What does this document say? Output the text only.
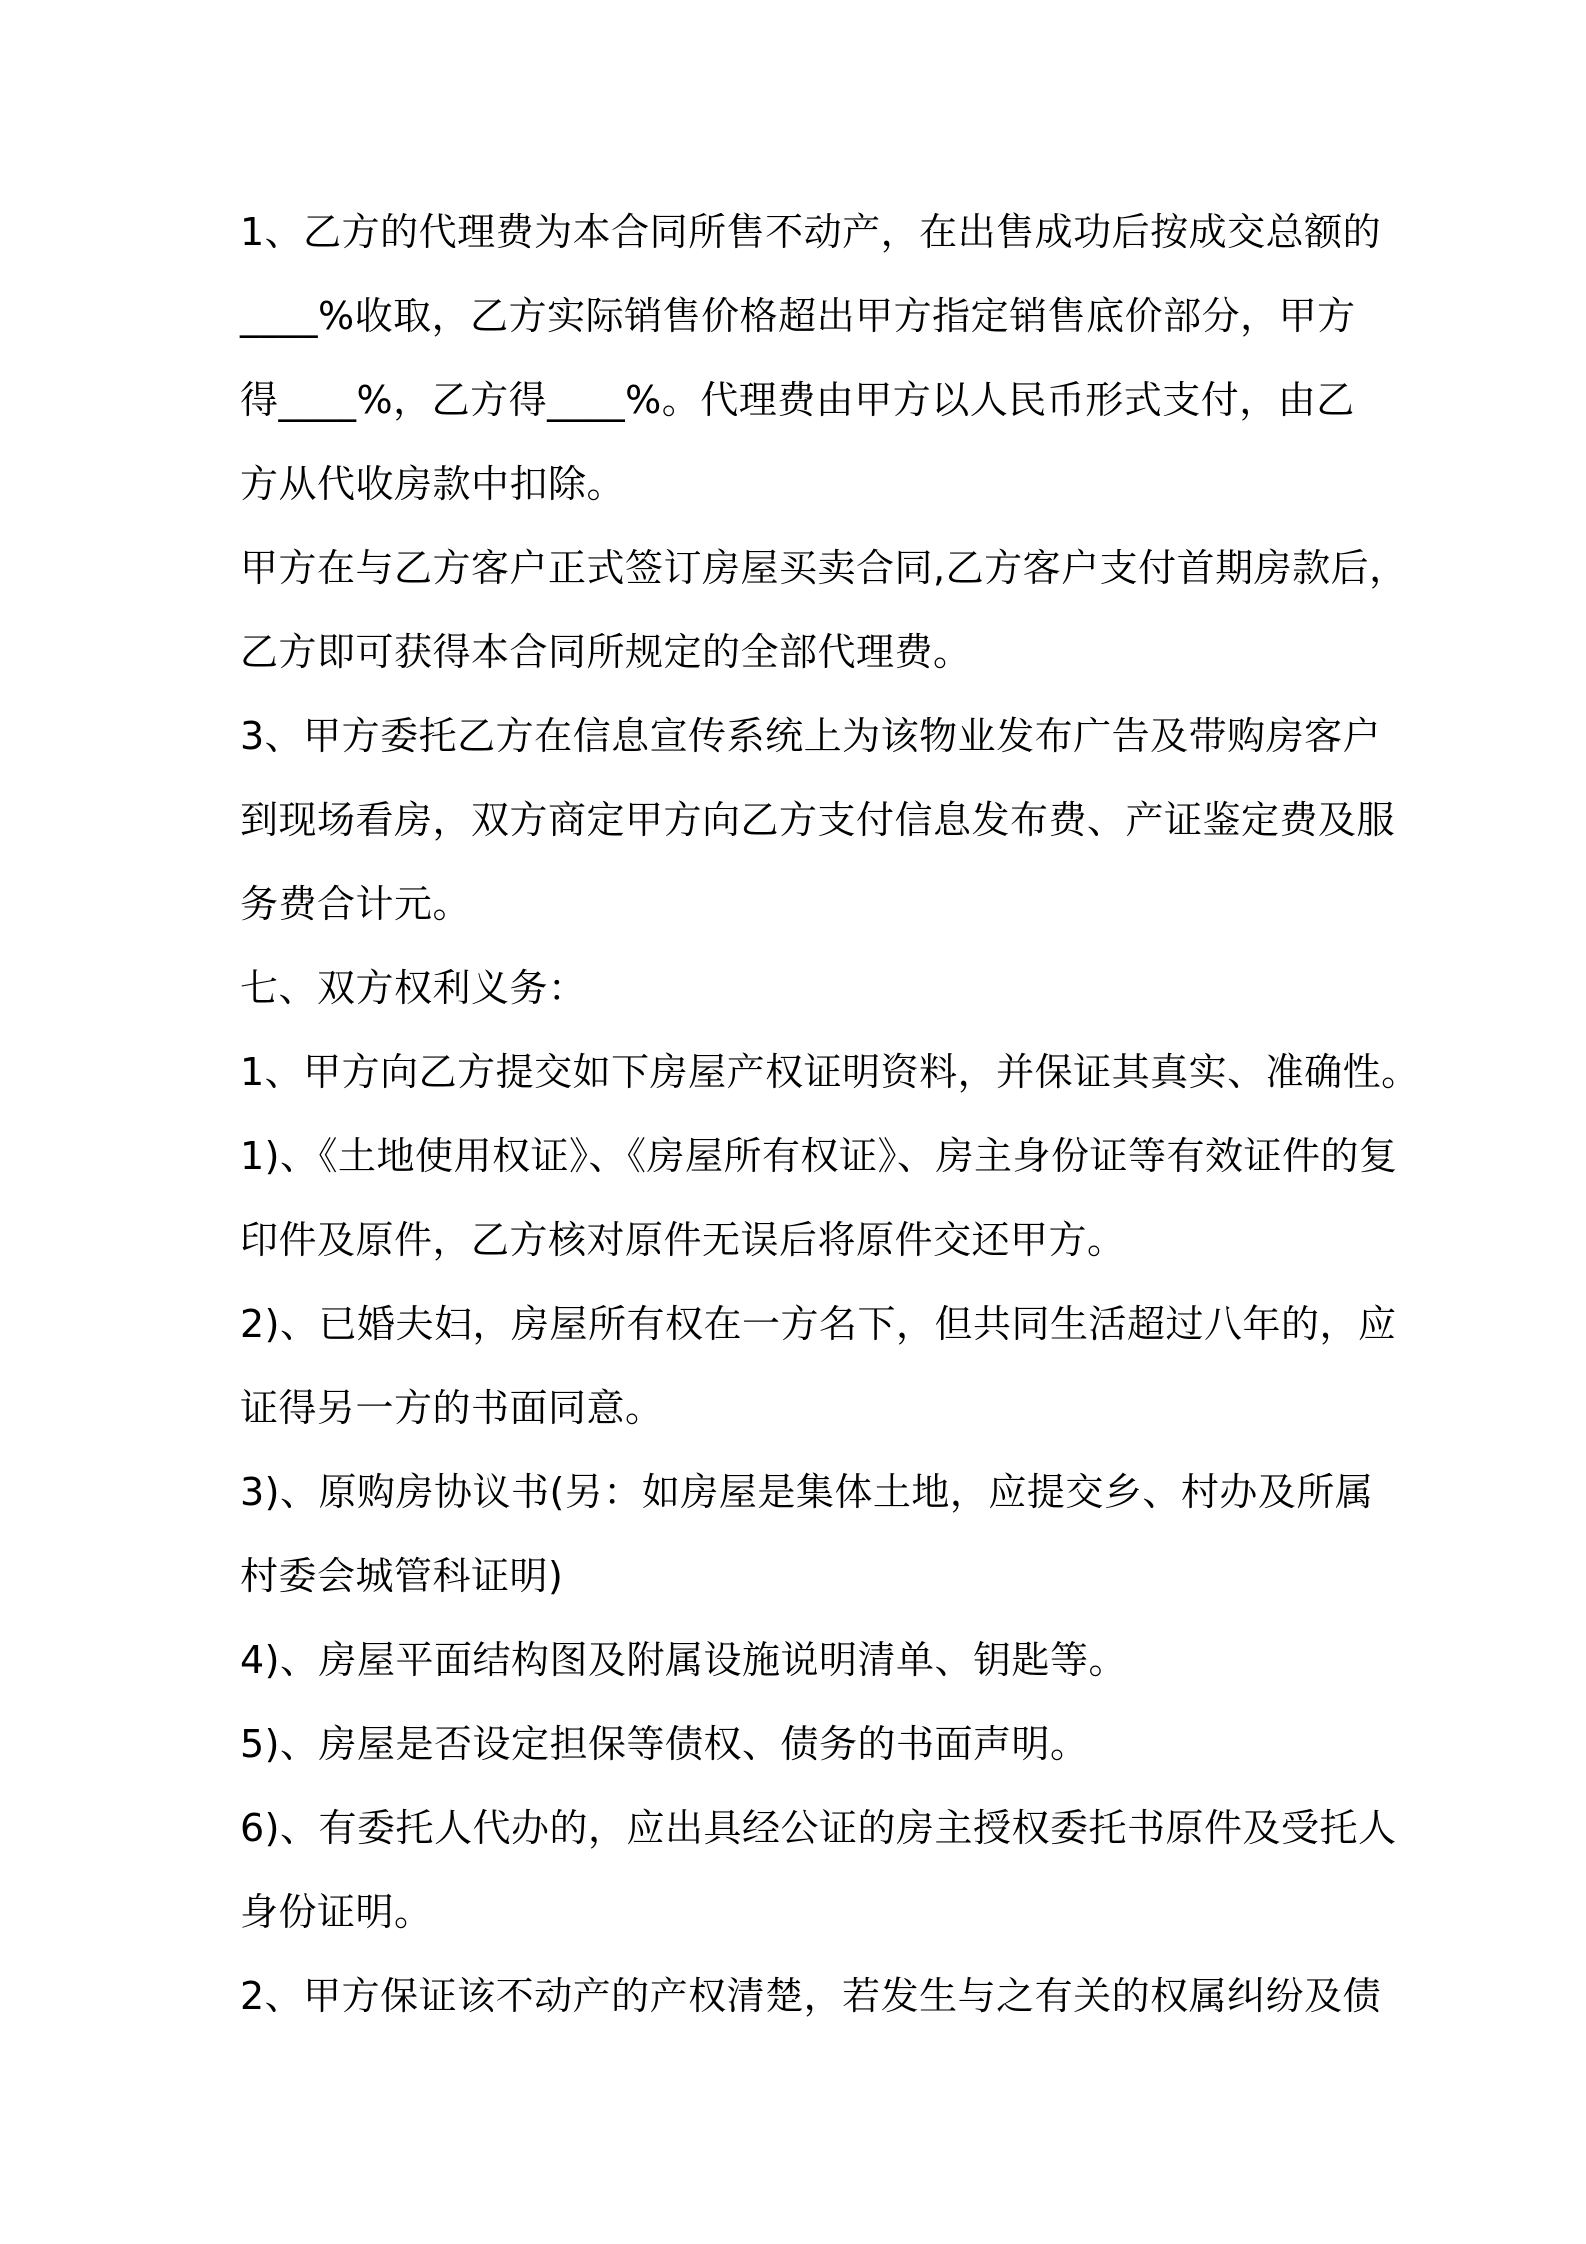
1、乙方的代理费为本合同所售不动产，在出售成功后按成交总额的
____%收取，乙方实际销售价格超出甲方指定销售底价部分，甲方
得____%，乙方得____%。代理费由甲方以人民币形式支付，由乙
方从代收房款中扣除。

甲方在与乙方客户正式签订房屋买卖合同,乙方客户支付首期房款后，
乙方即可获得本合同所规定的全部代理费。

3、甲方委托乙方在信息宣传系统上为该物业发布广告及带购房客户
到现场看房，双方商定甲方向乙方支付信息发布费、产证鉴定费及服
务费合计元。

七、双方权利义务：

1、甲方向乙方提交如下房屋产权证明资料，并保证其真实、准确性。

1)、《土地使用权证》、《房屋所有权证》、房主身份证等有效证件的复
印件及原件，乙方核对原件无误后将原件交还甲方。

2)、已婚夫妇，房屋所有权在一方名下，但共同生活超过八年的，应
证得另一方的书面同意。

3)、原购房协议书(另：如房屋是集体土地，应提交乡、村办及所属
村委会城管科证明)

4)、房屋平面结构图及附属设施说明清单、钥匙等。

5)、房屋是否设定担保等债权、债务的书面声明。

6)、有委托人代办的，应出具经公证的房主授权委托书原件及受托人
身份证明。

2、甲方保证该不动产的产权清楚，若发生与之有关的权属纠纷及债
